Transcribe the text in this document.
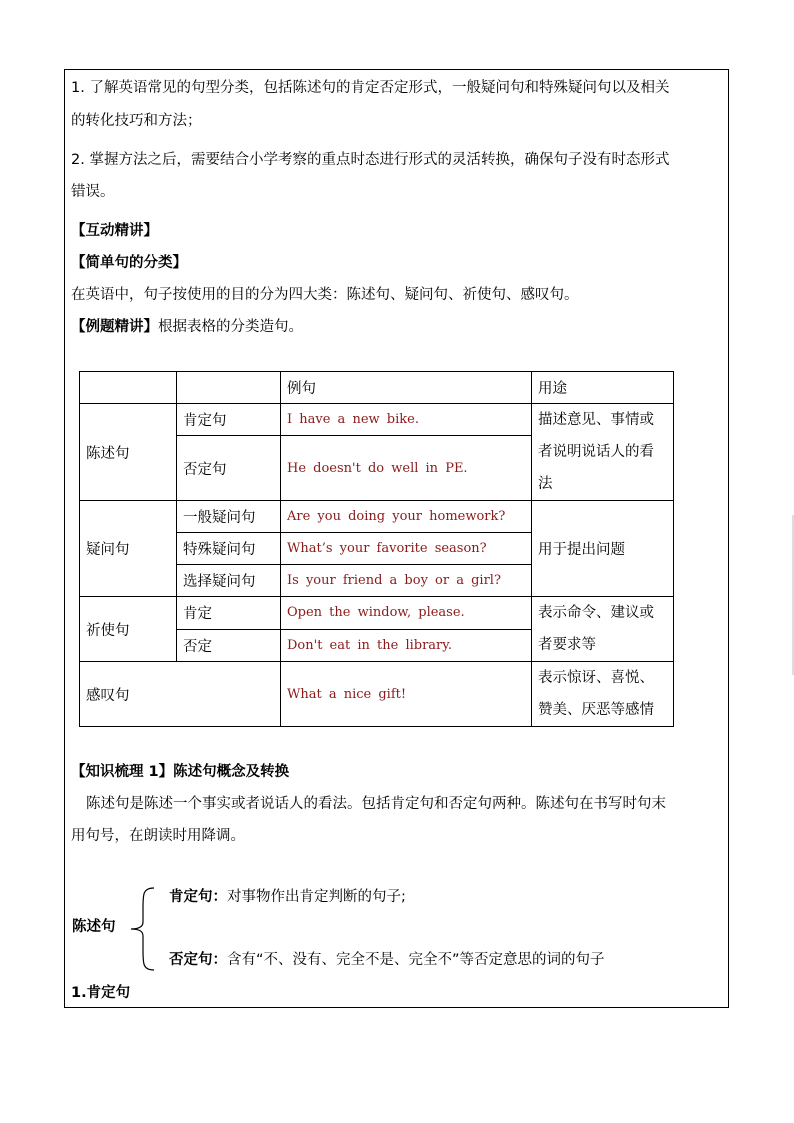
1. 了解英语常见的句型分类，包括陈述句的肯定否定形式，一般疑问句和特殊疑问句以及相关
的转化技巧和方法；
2. 掌握方法之后，需要结合小学考察的重点时态进行形式的灵活转换，确保句子没有时态形式
错误。
【互动精讲】
【简单句的分类】
在英语中，句子按使用的目的分为四大类：陈述句、疑问句、祈使句、感叹句。
【例题精讲】根据表格的分类造句。
		例句	用途
陈述句	肯定句	I have a new bike.	描述意见、事情或者说明说话人的看法
	否定句	He doesn't do well in PE.	
疑问句	一般疑问句	Are you doing your homework?	用于提出问题
	特殊疑问句	What’s your favorite season?	
	选择疑问句	Is your friend a boy or a girl?	
祈使句	肯定	Open the window, please.	表示命令、建议或者要求等
	否定	Don't eat in the library.	
感叹句		What a nice gift!	表示惊讶、喜悦、赞美、厌恶等感情
【知识梳理 1】陈述句概念及转换
陈述句是陈述一个事实或者说话人的看法。包括肯定句和否定句两种。陈述句在书写时句末
用句号，在朗读时用降调。
陈述句
肯定句：对事物作出肯定判断的句子;
否定句：含有“不、没有、完全不是、完全不”等否定意思的词的句子
1.肯定句
